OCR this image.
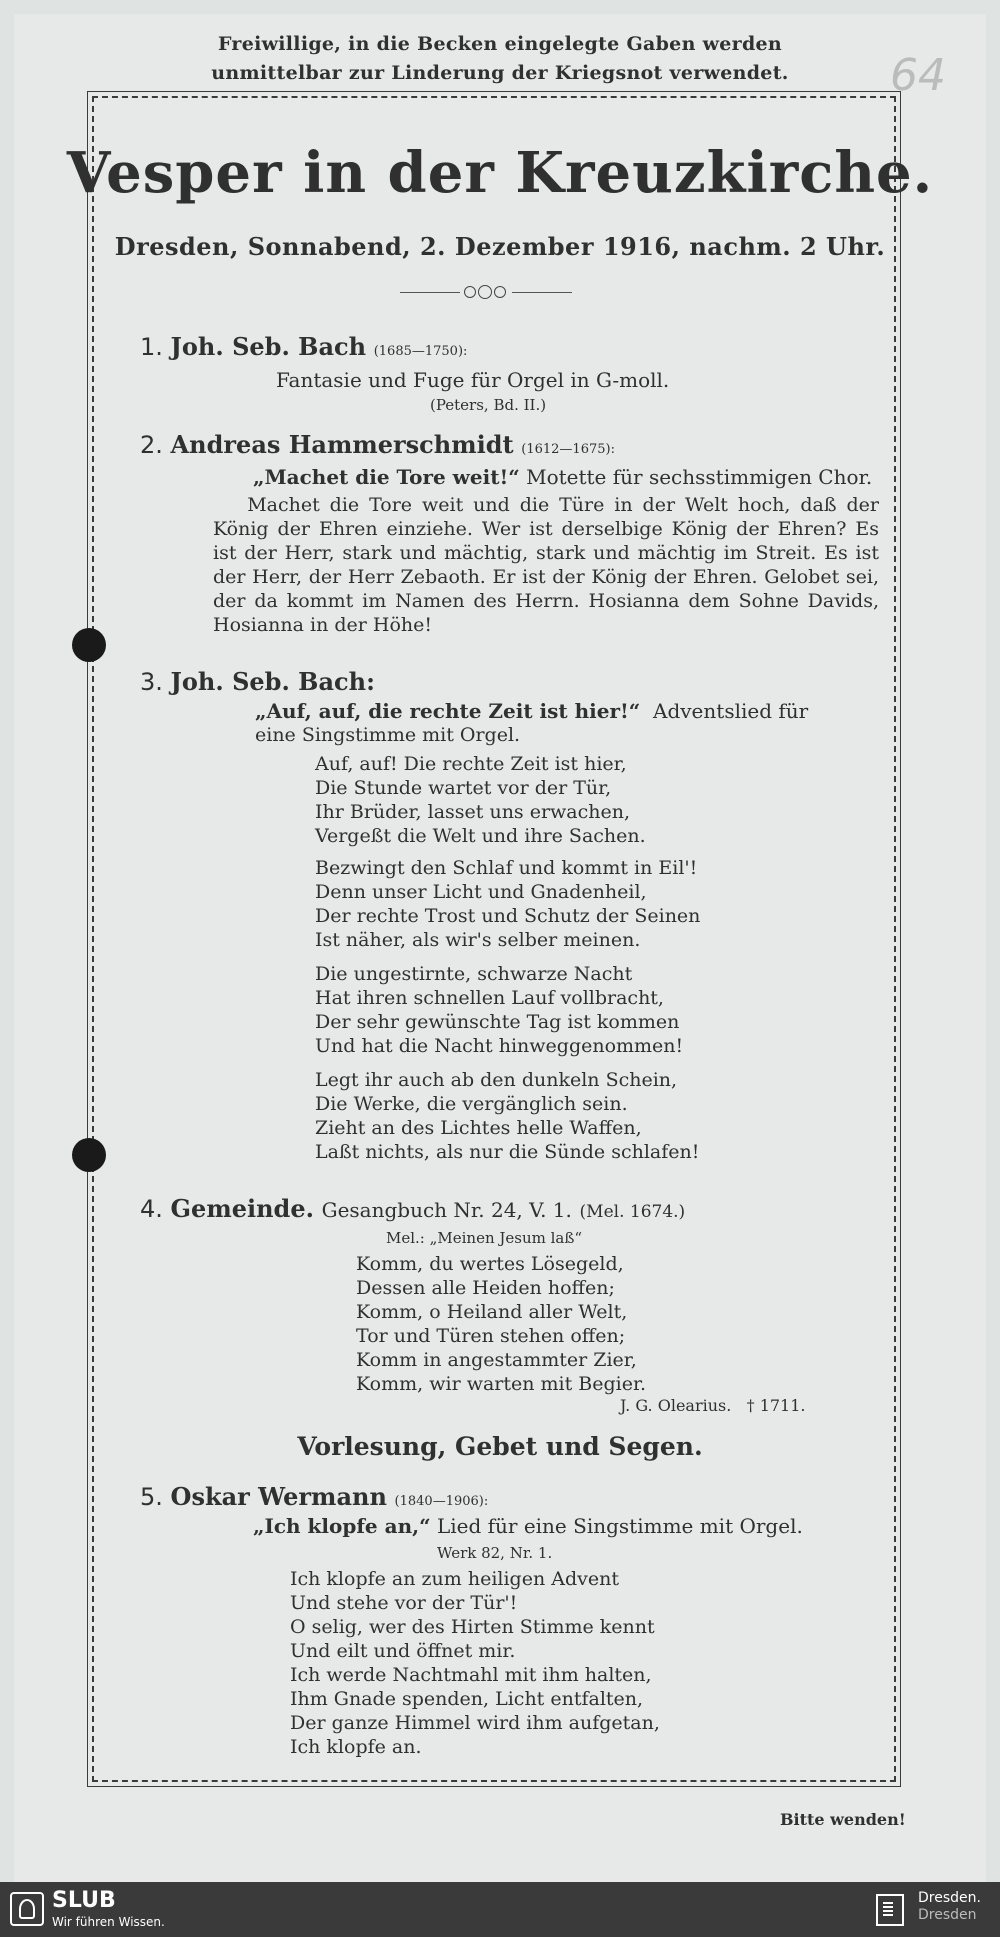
Freiwillige, in die Becken eingelegte Gaben werden
unmittelbar zur Linderung der Kriegsnot verwendet.	64
Vesper in der Kreuzkirche.
Dresden, Sonnabend, 2. Dezember 1916, nachm. 2 Uhr.
1. Joh. Seb. Bach (1685—1750):
Fantasie und Fuge für Orgel in G-moll.
(Peters, Bd. II.)
2. Andreas Hammerschmidt (1612—1675):
„Machet die Tore weit!“ Motette für sechsstimmigen Chor.
Machet die Tore weit und die Türe in der Welt hoch, daß der König der Ehren einziehe. Wer ist derselbige König der Ehren? Es ist der Herr, stark und mächtig, stark und mächtig im Streit. Es ist der Herr, der Herr Zebaoth. Er ist der König der Ehren. Gelobet sei, der da kommt im Namen des Herrn. Hosianna dem Sohne Davids, Hosianna in der Höhe!
3. Joh. Seb. Bach:
„Auf, auf, die rechte Zeit ist hier!“ Adventslied für
eine Singstimme mit Orgel.
Auf, auf! Die rechte Zeit ist hier,
Die Stunde wartet vor der Tür,
Ihr Brüder, lasset uns erwachen,
Vergeßt die Welt und ihre Sachen.
Bezwingt den Schlaf und kommt in Eil'!
Denn unser Licht und Gnadenheil,
Der rechte Trost und Schutz der Seinen
Ist näher, als wir's selber meinen.
Die ungestirnte, schwarze Nacht
Hat ihren schnellen Lauf vollbracht,
Der sehr gewünschte Tag ist kommen
Und hat die Nacht hinweggenommen!
Legt ihr auch ab den dunkeln Schein,
Die Werke, die vergänglich sein.
Zieht an des Lichtes helle Waffen,
Laßt nichts, als nur die Sünde schlafen!
4. Gemeinde. Gesangbuch Nr. 24, V. 1. (Mel. 1674.)
Mel.: „Meinen Jesum laß“
Komm, du wertes Lösegeld,
Dessen alle Heiden hoffen;
Komm, o Heiland aller Welt,
Tor und Türen stehen offen;
Komm in angestammter Zier,
Komm, wir warten mit Begier.
J. G. Olearius. † 1711.
Vorlesung, Gebet und Segen.
5. Oskar Wermann (1840—1906):
„Ich klopfe an,“ Lied für eine Singstimme mit Orgel.
Werk 82, Nr. 1.
Ich klopfe an zum heiligen Advent
Und stehe vor der Tür'!
O selig, wer des Hirten Stimme kennt
Und eilt und öffnet mir.
Ich werde Nachtmahl mit ihm halten,
Ihm Gnade spenden, Licht entfalten,
Der ganze Himmel wird ihm aufgetan,
Ich klopfe an.
Bitte wenden!
SLUB
Wir führen Wissen.
Dresden.
Dresden
